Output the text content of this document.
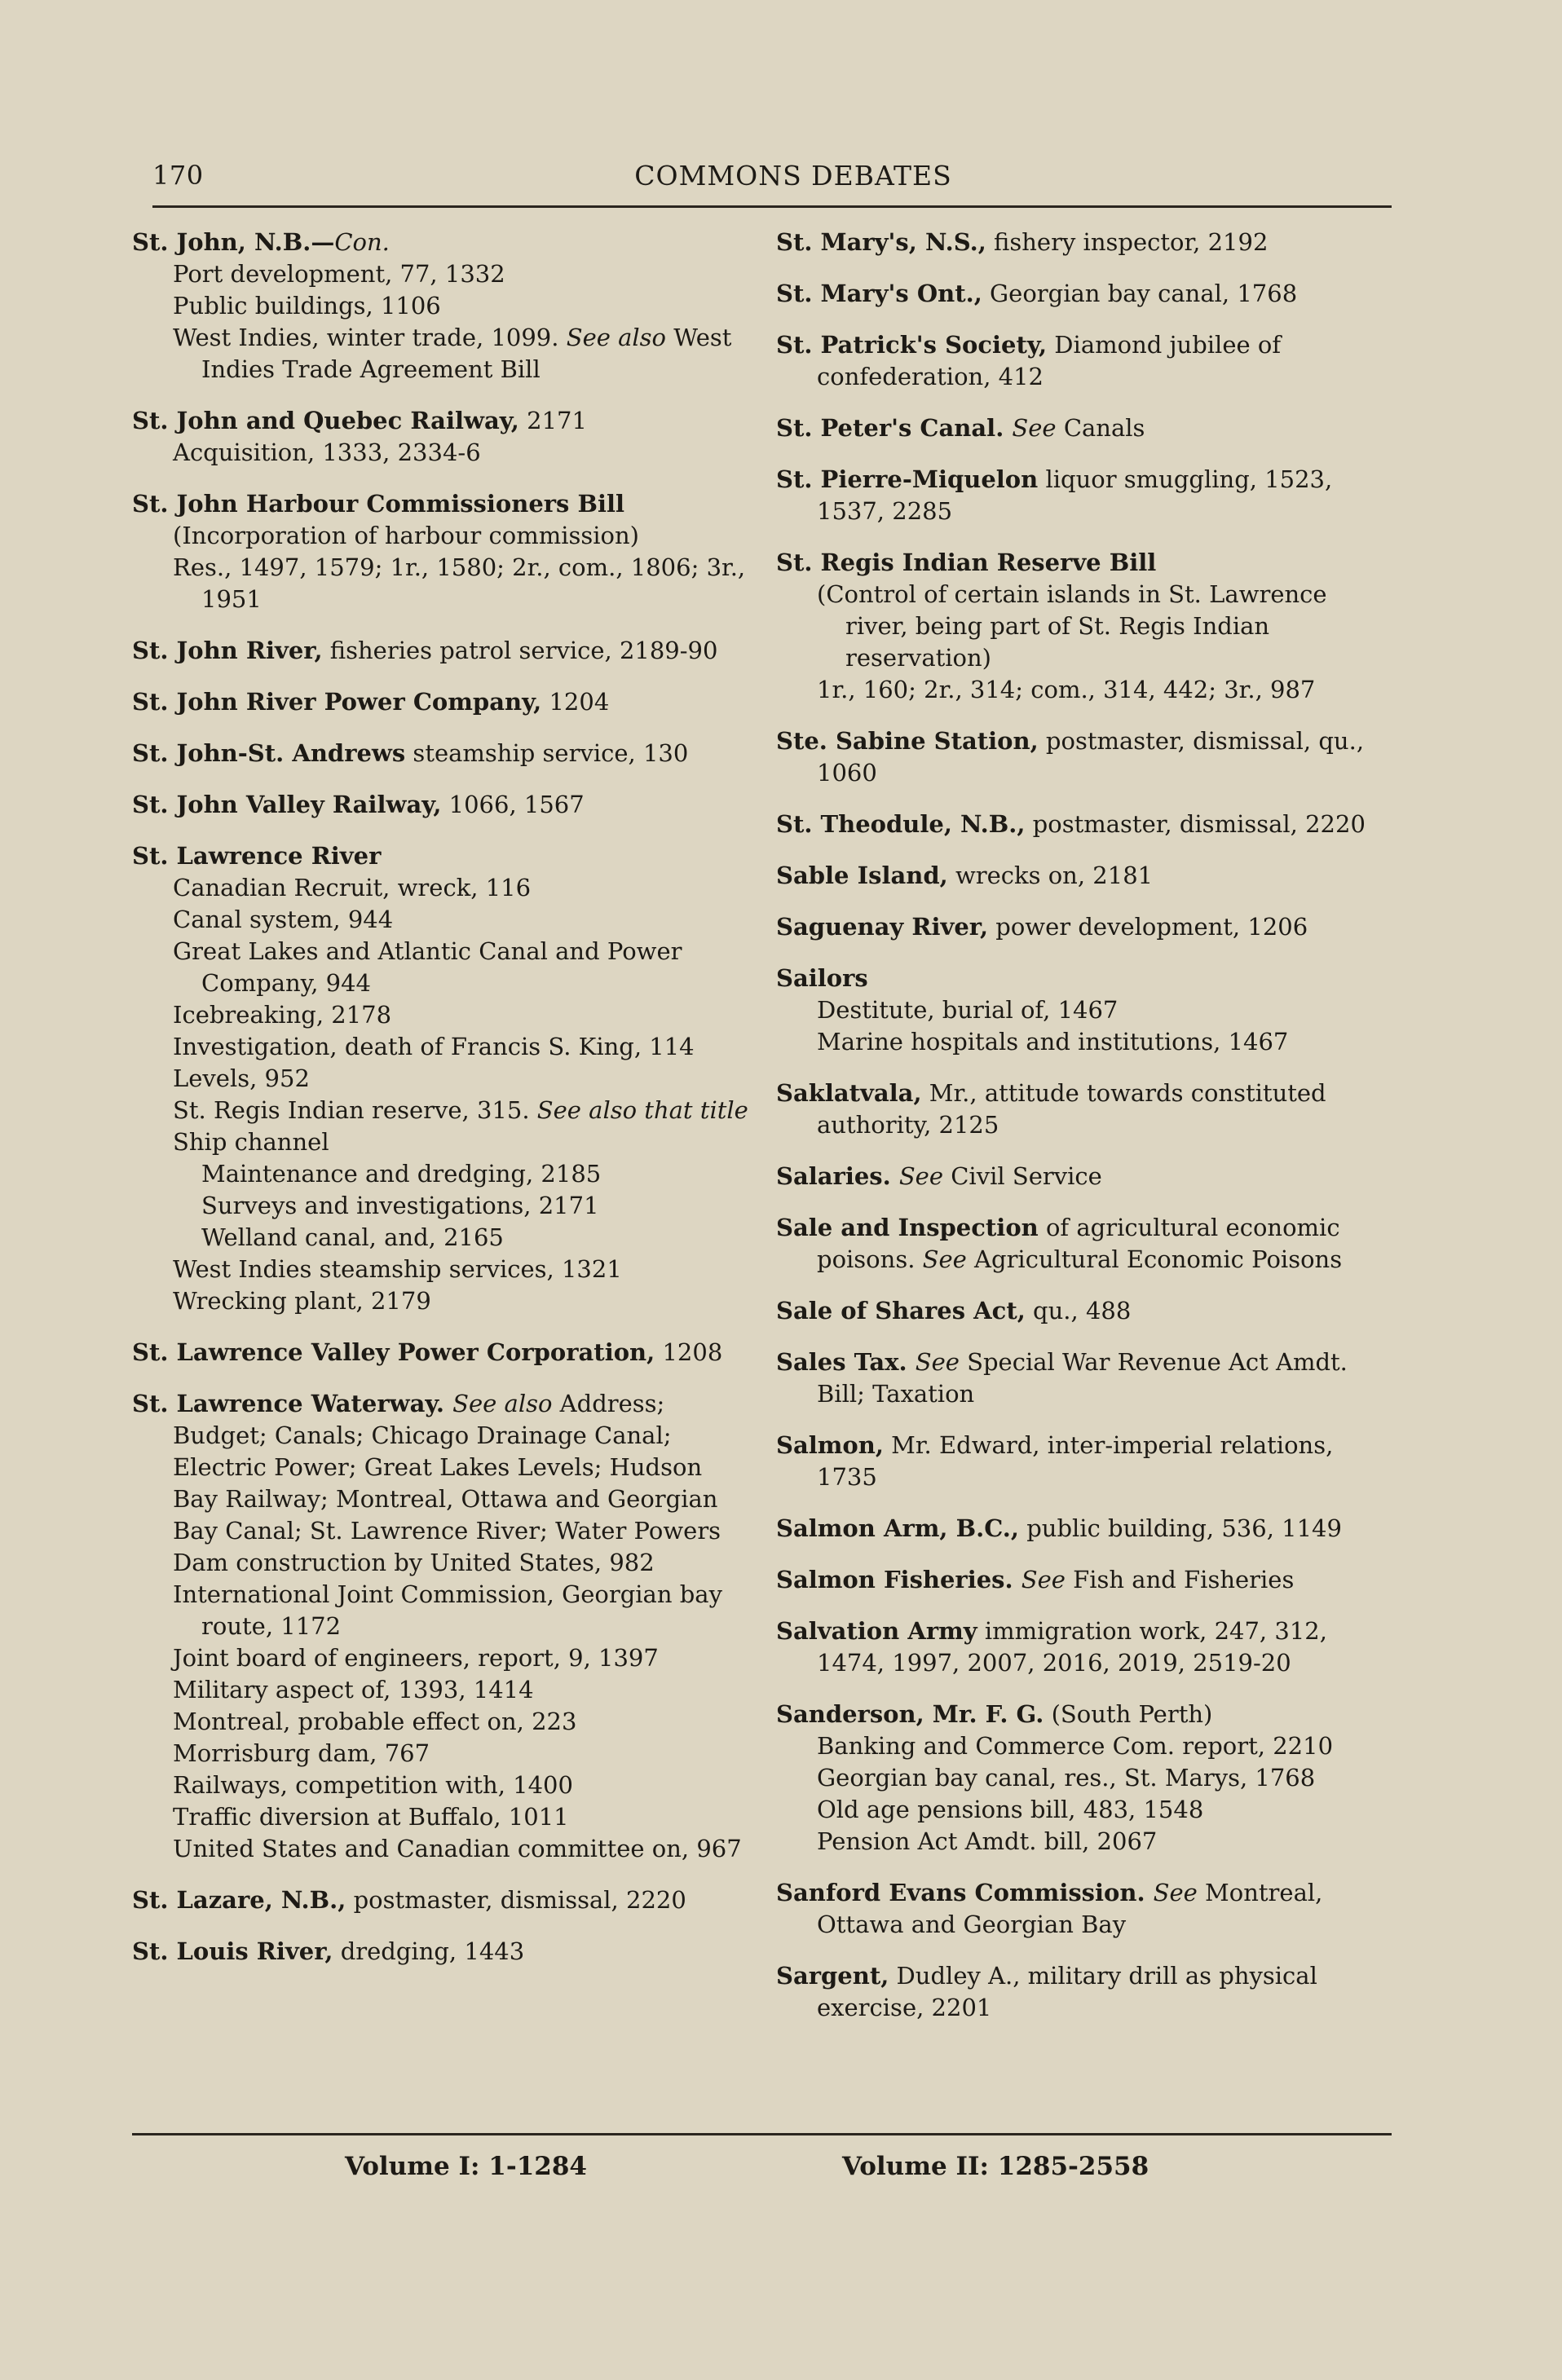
170	COMMONS DEBATES
St. John, N.B.—Con.
Port development, 77, 1332
Public buildings, 1106
West Indies, winter trade, 1099. See also West Indies Trade Agreement Bill
St. John and Quebec Railway, 2171
Acquisition, 1333, 2334-6
St. John Harbour Commissioners Bill
(Incorporation of harbour commission)
Res., 1497, 1579; 1r., 1580; 2r., com., 1806; 3r., 1951
St. John River, fisheries patrol service, 2189-90
St. John River Power Company, 1204
St. John-St. Andrews steamship service, 130
St. John Valley Railway, 1066, 1567
St. Lawrence River
Canadian Recruit, wreck, 116
Canal system, 944
Great Lakes and Atlantic Canal and Power Company, 944
Icebreaking, 2178
Investigation, death of Francis S. King, 114
Levels, 952
St. Regis Indian reserve, 315. See also that title
Ship channel
Maintenance and dredging, 2185
Surveys and investigations, 2171
Welland canal, and, 2165
West Indies steamship services, 1321
Wrecking plant, 2179
St. Lawrence Valley Power Corporation, 1208
St. Lawrence Waterway. See also Address; Budget; Canals; Chicago Drainage Canal; Electric Power; Great Lakes Levels; Hudson Bay Railway; Montreal, Ottawa and Georgian Bay Canal; St. Lawrence River; Water Powers
Dam construction by United States, 982
International Joint Commission, Georgian bay route, 1172
Joint board of engineers, report, 9, 1397
Military aspect of, 1393, 1414
Montreal, probable effect on, 223
Morrisburg dam, 767
Railways, competition with, 1400
Traffic diversion at Buffalo, 1011
United States and Canadian committee on, 967
St. Lazare, N.B., postmaster, dismissal, 2220
St. Louis River, dredging, 1443
St. Mary's, N.S., fishery inspector, 2192
St. Mary's Ont., Georgian bay canal, 1768
St. Patrick's Society, Diamond jubilee of confederation, 412
St. Peter's Canal. See Canals
St. Pierre-Miquelon liquor smuggling, 1523, 1537, 2285
St. Regis Indian Reserve Bill
(Control of certain islands in St. Lawrence river, being part of St. Regis Indian reservation)
1r., 160; 2r., 314; com., 314, 442; 3r., 987
Ste. Sabine Station, postmaster, dismissal, qu., 1060
St. Theodule, N.B., postmaster, dismissal, 2220
Sable Island, wrecks on, 2181
Saguenay River, power development, 1206
Sailors
Destitute, burial of, 1467
Marine hospitals and institutions, 1467
Saklatvala, Mr., attitude towards constituted authority, 2125
Salaries. See Civil Service
Sale and Inspection of agricultural economic poisons. See Agricultural Economic Poisons
Sale of Shares Act, qu., 488
Sales Tax. See Special War Revenue Act Amdt. Bill; Taxation
Salmon, Mr. Edward, inter-imperial relations, 1735
Salmon Arm, B.C., public building, 536, 1149
Salmon Fisheries. See Fish and Fisheries
Salvation Army immigration work, 247, 312, 1474, 1997, 2007, 2016, 2019, 2519-20
Sanderson, Mr. F. G. (South Perth)
Banking and Commerce Com. report, 2210
Georgian bay canal, res., St. Marys, 1768
Old age pensions bill, 483, 1548
Pension Act Amdt. bill, 2067
Sanford Evans Commission. See Montreal, Ottawa and Georgian Bay
Sargent, Dudley A., military drill as physical exercise, 2201
Volume I: 1-1284	Volume II: 1285-2558
